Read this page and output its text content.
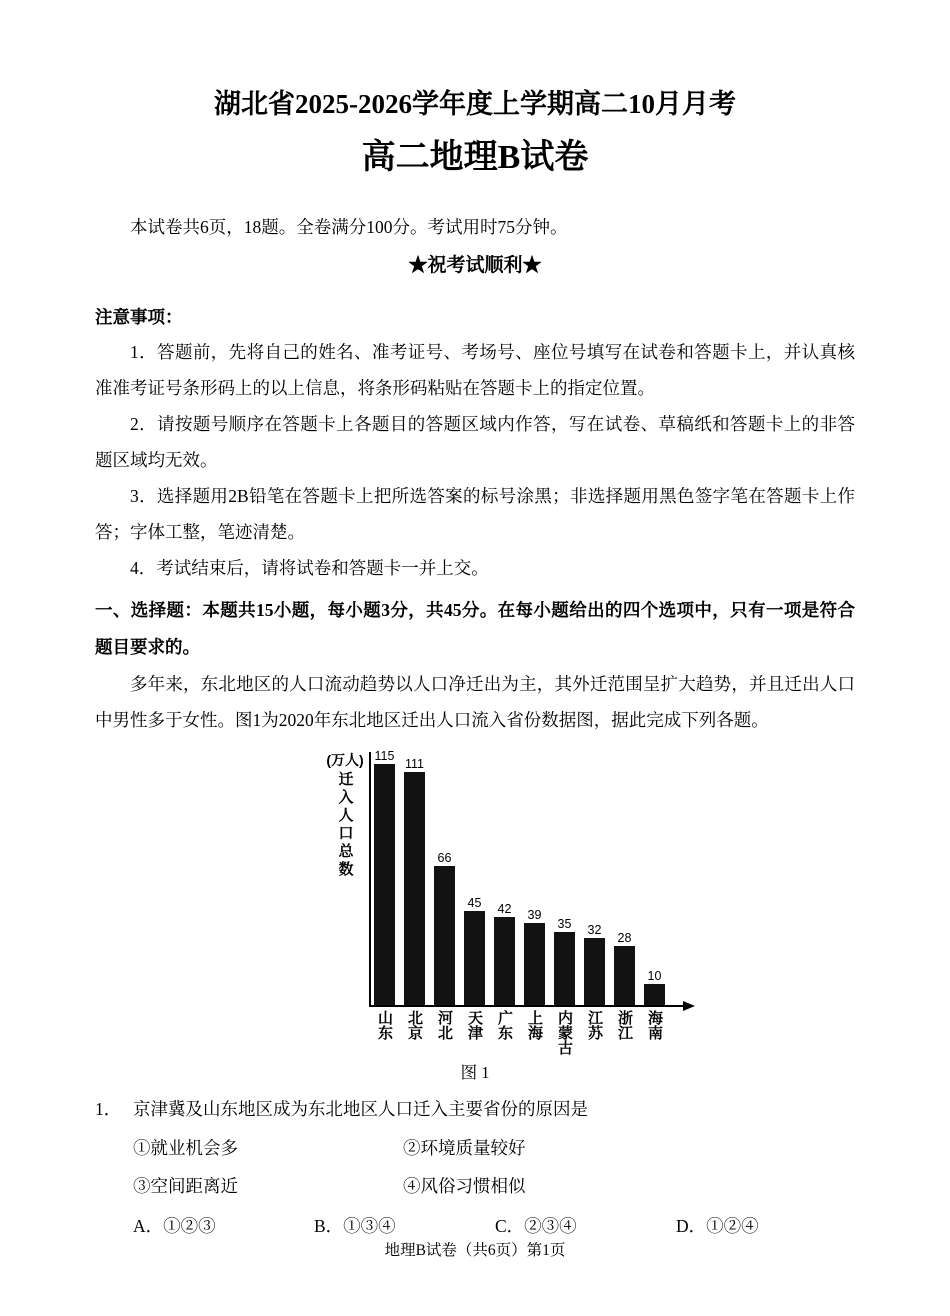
湖北省2025-2026学年度上学期高二10月月考
高二地理B试卷
本试卷共6页，18题。全卷满分100分。考试用时75分钟。
★祝考试顺利★
注意事项：

1．答题前，先将自己的姓名、准考证号、考场号、座位号填写在试卷和答题卡上，并认真核准准考证号条形码上的以上信息，将条形码粘贴在答题卡上的指定位置。

2．请按题号顺序在答题卡上各题目的答题区域内作答，写在试卷、草稿纸和答题卡上的非答题区域均无效。

3．选择题用2B铅笔在答题卡上把所选答案的标号涂黑；非选择题用黑色签字笔在答题卡上作答；字体工整，笔迹清楚。

4．考试结束后，请将试卷和答题卡一并上交。

一、选择题：本题共15小题，每小题3分，共45分。在每小题给出的四个选项中，只有一项是符合题目要求的。

多年来，东北地区的人口流动趋势以人口净迁出为主，其外迁范围呈扩大趋势，并且迁出人口中男性多于女性。图1为2020年东北地区迁出人口流入省份数据图，据此完成下列各题。

(万人)
迁入人口总数
115
111
66
45 42 39
35 32
28
10
山东 北京 河北 天津 广东 上海 内蒙古 江苏 浙江 海南
图 1
1． 京津冀及山东地区成为东北地区人口迁入主要省份的原因是
①就业机会多	②环境质量较好
③空间距离近	④风俗习惯相似
A．①②③	B．①③④	C．②③④	D．①②④
地理B试卷（共6页）第1页
